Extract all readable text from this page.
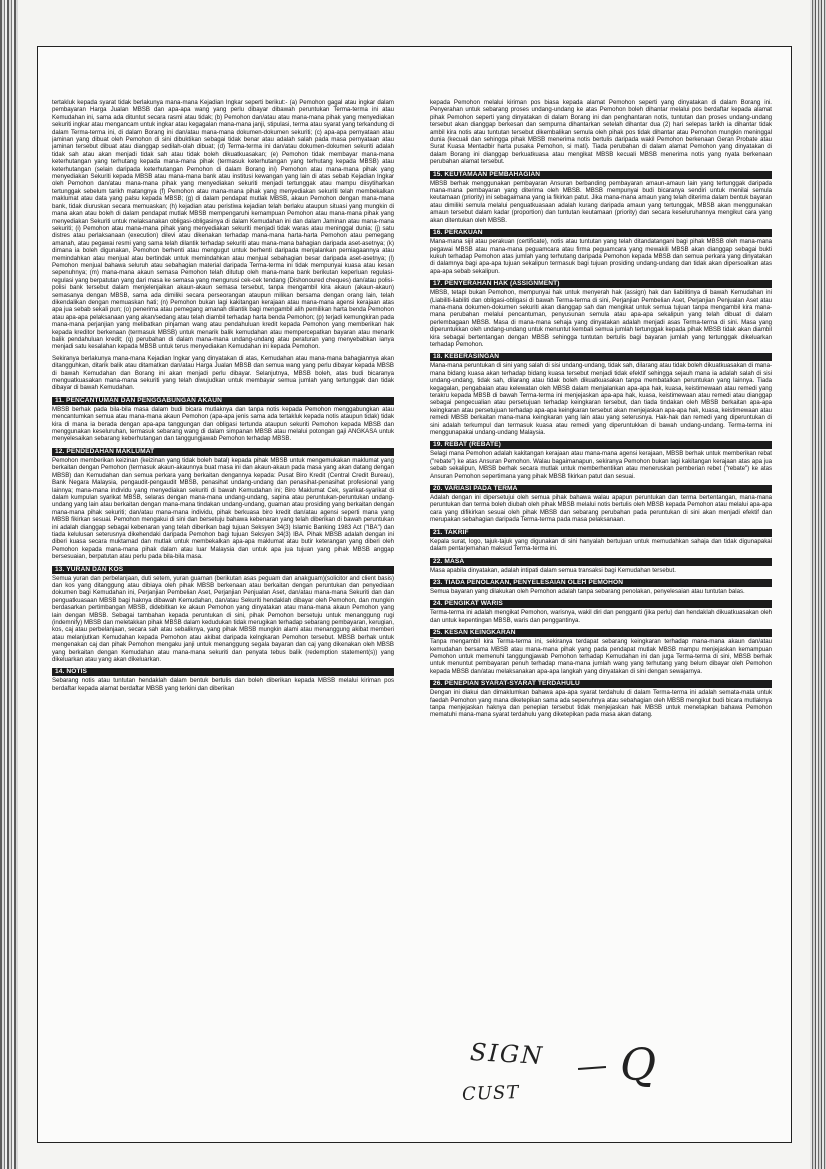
tertakluk kepada syarat tidak berlakunya mana-mana Kejadian Ingkar seperti berikut:- (a) Pemohon gagal atau ingkar dalam pembayaran Harga Jualan MBSB dan apa-apa wang yang perlu dibayar dibawah peruntukan Terma-terma ini atau Kemudahan ini, sama ada dituntut secara rasmi atau tidak; (b) Pemohon dan/atau atau mana-mana pihak yang menyediakan sekuriti ingkar atau mengancam untuk ingkar atau kegagalan mana-mana janji, stipulasi, terma atau syarat yang terkandung di dalam Terma-terma ini, di dalam Borang ini dan/atau mana-mana dokumen-dokumen sekuriti; (c) apa-apa pernyataan atau jaminan yang dibuat oleh Pemohon di sini dibuktikan sebagai tidak benar atau adalah salah pada masa pernyataan atau jaminan tersebut dibuat atau dianggap sedilah-olah dibuat; (d) Terma-terma ini dan/atau dokumen-dokumen sekuriti adalah tidak sah atau akan menjadi tidak sah atau tidak boleh dikuatkuasakan; (e) Pemohon tidak membayar mana-mana keterhutangan yang terhutang kepada mana-mana pihak (termasuk keterhutangan yang terhutang kepada MBSB) atau keterhutangan (selain daripada keterhutangan Pemohon di dalam Borang ini) Pemohon atau mana-mana pihak yang menyediakan Sekuriti kepada MBSB atau mana-mana bank atau institusi kewangan yang lain di atas sebab Kejadian Ingkar oleh Pemohon dan/atau mana-mana pihak yang menyediakan sekuriti menjadi tertunggak atau mampu diisytiharkan tertunggak sebelum tarikh matangnya (f) Pemohon atau mana-mana pihak yang menyediakan sekuriti telah membekalkan maklumat atau data yang palsu kepada MBSB; (g) di dalam pendapat mutlak MBSB, akaun Pemohon dengan mana-mana bank, tidak diuruskan secara memuaskan; (h) kejadian atau peristiwa kejadian telah berlaku ataupun situasi yang mungkin di mana akan atau boleh di dalam pendapat mutlak MBSB mempengaruhi kemampuan Pemohon atau mana-mana pihak yang menyediakan Sekuriti untuk melaksanakan obligasi-obligasinya di dalam Kemudahan ini dan dalam Jaminan atau mana-mana sekuriti; (i) Pemohon atau mana-mana pihak yang menyediakan sekuriti menjadi tidak waras atau meninggal dunia; (j) satu distres atau perlaksanaan (execution) dilevi atau dikenakan terhadap mana-mana harta-harta Pemohon atau pemegang amanah, atau pegawai resmi yang sama telah dilantik terhadap sekuriti atau mana-mana bahagian daripada aset-asetnya; (k) dimana ia boleh digunakan, Pemohon berhenti atau mengugut untuk berhenti daripada menjalankan perniagaannya atau memindahkan atau menjual atau bertindak untuk memindahkan atau menjual sebahagian besar daripada aset-asetnya; (l) Pemohon menjual bahawa seluruh atau sebahagian material daripada Terma-terma ini tidak mempunyai kuasa atau kesan sepenuhnya; (m) mana-mana akaun semasa Pemohon telah ditutup oleh mana-mana bank berikutan keperluan regulasi-regulasi yang berpatutan yang dari masa ke semasa yang mengurusi cek-cek tendang (Dishonoured cheques) dan/atau polisi-polisi bank tersebut dalam menjelenjaikan akaun-akaun semasa tersebut, tanpa mengambil kira akaun (akaun-akaun) semasanya dengan MBSB, sama ada dimiliki secara perseorangan ataupun milikan bersama dengan orang lain, telah dikendalikan dengan memuaskan hati; (n) Pemohon bukan lagi kakitangan kerajaan atau mana-mana agensi kerajaan atas apa jua sebab sekali pun; (o) penerima atau pemegang amanah dilantik bagi mengambil alih pemilikan harta benda Pemohon atau apa-apa pelaksanaan yang akan/sedang atau telah diambil terhadap harta benda Pemohon; (p) terjadi kemungkiran pada mana-mana perjanjian yang melibatkan pinjaman wang atau pendahuluan kredit kepada Pemohon yang memberikan hak kepada kreditor berkenaan (termasuk MBSB) untuk menarik balik kemudahan atau mempercepatkan bayaran atau menarik balik pendahuluan kredit; (q) perubahan di dalam mana-mana undang-undang atau peraturan yang menyebabkan ianya menjadi satu kesalahan kepada MBSB untuk terus menyediakan Kemudahan ini kepada Pemohon.

Sekiranya berlakunya mana-mana Kejadian Ingkar yang dinyatakan di atas, Kemudahan atau mana-mana bahagiannya akan ditangguhkan, ditarik balik atau ditamatkan dan/atau Harga Jualan MBSB dan semua wang yang perlu dibayar kepada MBSB di bawah Kemudahan dan Borang ini akan menjadi perlu dibayar. Selanjutnya, MBSB boleh, atas budi bicaranya menguatkuasakan mana-mana sekuriti yang telah diwujudkan untuk membayar semua jumlah yang tertunggak dan tidak dibayar di bawah Kemudahan.

11. PENCANTUMAN DAN PENGGABUNGAN AKAUN

MBSB berhak pada bila-bila masa dalam budi bicara mutlaknya dan tanpa notis kepada Pemohon menggabungkan atau mencantumkan semua atau mana-mana akaun Pemohon (apa-apa jenis sama ada tertakluk kepada notis ataupun tidak) tidak kira di mana ia berada dengan apa-apa tanggungan dan obligasi tertunda ataupun sekuriti Pemohon kepada MBSB dan menggunakan keseluruhan, termasuk sebarang wang di dalam simpanan MBSB atau melalui potongan gaji ANGKASA untuk menyelesaikan sebarang keberhutangan dan tanggungjawab Pemohon terhadap MBSB.

12. PENDEDAHAN MAKLUMAT

Pemohon memberikan keizinan (keizinan yang tidak boleh batal) kepada pihak MBSB untuk mengemukakan maklumat yang berkaitan dengan Pemohon (termasuk akaun-akaunnya buat masa ini dan akaun-akaun pada masa yang akan datang dengan MBSB) dan Kemudahan dan semua perkara yang berkaitan dengannya kepada: Pusat Biro Kredit (Central Credit Bureau), Bank Negara Malaysia, pengaudit-pengaudit MBSB, penasihat undang-undang dan penasihat-penasihat profesional yang lainnya; mana-mana individu yang menyediakan sekuriti di bawah Kemudahan ini; Biro Maklumat Cek, syarikat-syarikat di dalam kumpulan syarikat MBSB, selaras dengan mana-mana undang-undang, sapina atau peruntukan-peruntukan undang-undang yang lain atau berkaitan dengan mana-mana tindakan undang-undang, guaman atau prosiding yang berkaitan dengan mana-mana pihak sekuriti; dan/atau mana-mana individu, pihak berkuasa biro kredit dan/atau agensi seperti mana yang MBSB fikirkan sesuai. Pemohon mengakui di sini dan bersetuju bahawa kebenaran yang telah diberikan di bawah peruntukan ini adalah dianggap sebagai kebenaran yang telah diberikan bagi tujuan Seksyen 34(3) Islamic Banking 1983 Act ("IBA") dan tiada kelulusan seterusnya dikehendaki daripada Pemohon bagi tujuan Seksyen 34(3) IBA. Pihak MBSB adalah dengan ini diberi kuasa secara muktamad dan mutlak untuk membekalkan apa-apa maklumat atau butir keterangan yang diberi oleh Pemohon kepada mana-mana pihak dalam atau luar Malaysia dan untuk apa jua tujuan yang pihak MBSB anggap bersesuaian, berpatutan atau perlu pada bila-bila masa.

13. YURAN DAN KOS

Semua yuran dan perbelanjaan, duti setem, yuran guaman (berikutan asas peguam dan anakguam)(solicitor and client basis) dan kos yang ditanggung atau dibiaya oleh pihak MBSB berkenaan atau berkaitan dengan peruntukan dan penyediaan dokumen bagi Kemudahan ini, Perjanjian Pembelian Aset, Perjanjian Penjualan Aset, dan/atau mana-mana Sekuriti dan dan penguatkuasaan MBSB bagi haknya dibawah Kemudahan, dan/atau Sekuriti hendaklah dibayar oleh Pemohon, dan mungkin berdasarkan pertimbangan MBSB, didebitkan ke akaun Pemohon yang dinyatakan atau mana-mana akaun Pemohon yang lain dengan MBSB. Sebagai tambahan kepada peruntukan di sini, pihak Pemohon bersetuju untuk menanggung rugi (indemnify) MBSB dan meletakkan pihak MBSB dalam kedudukan tidak merugikan terhadap sebarang pembayaran, kerugian, kos, caj atau perbelanjaan, secara sah atau sebaliknya, yang pihak MBSB mungkin alami atau menanggung akibat memberi atau melanjutkan Kemudahan kepada Pemohon atau akibat daripada kelngkaran Pemohon tersebut. MBSB berhak untuk mengenakan caj dan pihak Pemohon mengaku janji untuk menanggung segala bayaran dan caj yang dikenakan oleh MBSB yang berkaitan dengan Kemudahan atau mana-mana sekuriti dan penyata tebus balik (redemption statement(s)) yang dikeluarkan atau yang akan dikeluarkan.

14. NOTIS

Sebarang notis atau tuntutan hendaklah dalam bentuk bertulis dan boleh diberikan kepada MBSB melalui kiriman pos berdaftar kepada alamat berdaftar MBSB yang terkini dan diberikan

kepada Pemohon melalui kiriman pos biasa kepada alamat Pemohon seperti yang dinyatakan di dalam Borang ini. Penyerahan untuk sebarang proses undang-undang ke atas Pemohon boleh dihantar melalui pos berdaftar kepada alamat pihak Pemohon seperti yang dinyatakan di dalam Borang ini dan penghantaran notis, tuntutan dan proses undang-undang tersebut akan dianggap berkesan dan sempurna dihantarkan setelah dihantar dua (2) hari selepas tarikh ia dihantar tidak ambil kira notis atau tuntutan tersebut dikembalikan semula oleh pihak pos tidak dihantar atau Pemohon mungkin meninggal dunia (kecuali dan sehingga pihak MBSB menerima notis bertulis daripada wakil Pemohon berkenaan Geran Probate atau Surat Kuasa Mentadbir harta pusaka Pemohon, si mati). Tiada perubahan di dalam alamat Pemohon yang dinyatakan di dalam Borang ini dianggap berkuatkuasa atau mengikat MBSB kecuali MBSB menerima notis yang nyata berkenaan perubahan alamat tersebut.

15. KEUTAMAAN PEMBAHAGIAN

MBSB berhak menggunakan pembayaran Ansuran berbanding pembayaran amaun-amaun lain yang tertunggak daripada mana-mana pembayaran yang diterima oleh MBSB. MBSB mempunyai budi bicaranya sendiri untuk menilai semula keutamaan (priority) ini sebagaimana yang ia fikirkan patut. Jika mana-mana amaun yang telah diterima dalam bentuk bayaran atau dimiliki semula melalui penguatkuasaan adalah kurang daripada amaun yang tertunggak, MBSB akan menggunakan amaun tersebut dalam kadar (proportion) dan tuntutan keutamaan (priority) dan secara keseluruhannya mengikut cara yang akan ditentukan oleh MBSB.

16. PERAKUAN

Mana-mana sijil atau perakuan (certificate), notis atau tuntutan yang telah ditandatangani bagi pihak MBSB oleh mana-mana pegawai MBSB atau mana-mana peguamcara atau firma peguamcara yang mewakili MBSB akan dianggap sebagai bukti kukuh terhadap Pemohon atas jumlah yang terhutang daripada Pemohon kepada MBSB dan semua perkara yang dinyatakan di dalamnya bagi apa-apa tujuan sekalipun termasuk bagi tujuan prosiding undang-undang dan tidak akan dipersoalkan atas apa-apa sebab sekalipun.

17. PENYERAHAN HAK (ASSIGNMENT)

MBSB, tetapi bukan Pemohon, mempunyai hak untuk menyerah hak (assign) hak dan liabilitinya di bawah Kemudahan ini (Liabiliti-liabiliti dan obligasi-obligasi di bawah Terma-terma di sini, Perjanjian Pembelian Aset, Perjanjian Penjualan Aset atau mana-mana dokumen-dokumen sekuriti akan dianggap sah dan mengikat untuk semua tujuan tanpa mengambil kira mana-mana perubahan melalui pencantuman, penyusunan semula atau apa-apa sekalipun yang telah dibuat di dalam perlembagaan MBSB. Masa di mana-mana sehaja yang dinyatakan adalah menjadi asas Terma-terma di sini. Masa yang diperuntukkan oleh undang-undang untuk menuntut kembali semua jumlah tertunggak kepada pihak MBSB tidak akan diambil kira sebagai bertentangan dengan MBSB sehingga tuntutan bertulis bagi bayaran jumlah yang tertunggak dikeluarkan terhadap Pemohon.

18. KEBERASINGAN

Mana-mana peruntukan di sini yang salah di sisi undang-undang, tidak sah, dilarang atau tidak boleh dikuatkuasakan di mana-mana bidang kuasa akan terhadap bidang kuasa tersebut menjadi tidak efektif sehingga sejauh mana ia adalah salah di sisi undang-undang, tidak sah, dilarang atau tidak boleh dikuatkuasakan tanpa membatalkan peruntukan yang lainnya. Tiada kegagalan, pengabaian atau kelewatan oleh MBSB dalam menjalankan apa-apa hak, kuasa, keistimewaan atau remedi yang terakru kepada MBSB di bawah Terma-terma ini menjejaskan apa-apa hak, kuasa, keistimewaan atau remedi atau dianggap sebagai pengecualian atau persetujuan terhadap keingkaran tersebut, dan tiada tindakan oleh MBSB berkaitan apa-apa keingkaran atau persetujuan terhadap apa-apa keingkaran tersebut akan menjejaskan apa-apa hak, kuasa, keistimewaan atau remedi MBSB berkaitan mana-mana keingkaran yang lain atau yang seterusnya. Hak-hak dan remedi yang diperuntukan di sini adalah terkumpul dan termasuk kuasa atau remedi yang diperuntukkan di bawah undang-undang. Terma-terma ini menggunapakai undang-undang Malaysia.

19. REBAT (REBATE)

Selagi mana Pemohon adalah kakitangan kerajaan atau mana-mana agensi kerajaan, MBSB berhak untuk memberikan rebat ("rebate") ke atas Ansuran Pemohon. Walau bagaimanapun, sekiranya Pemohon bukan lagi kakitangan kerajaan atas apa jua sebab sekalipun, MBSB berhak secara mutlak untuk memberhentikan atau meneruskan pemberian rebet ("rebate") ke atas Ansuran Pemohon sepertimana yang pihak MBSB fikirkan patut dan sesuai.

20. VARIASI PADA TERMA

Adalah dengan ini dipersetujui oleh semua pihak bahawa walau apapun peruntukan dan terma bertentangan, mana-mana peruntukan dan terma boleh diubah oleh pihak MBSB melalui notis bertulis oleh MBSB kepada Pemohon atau melalui apa-apa cara yang difikirkan sesuai oleh pihak MBSB dan sebarang perubahan pada peruntukan di sini akan menjadi efektif dan merupakan sebahagian daripada Terma-terma pada masa pelaksanaan.

21. TAKRIF

Kepala surat, logo, tajuk-tajuk yang digunakan di sini hanyalah bertujuan untuk memudahkan sahaja dan tidak digunapakai dalam pentarjemahan maksud Terma-terma ini.

22. MASA

Masa apabila dinyatakan, adalah intipati dalam semua transaksi bagi Kemudahan tersebut.

23. TIADA PENOLAKAN, PENYELESAIAN OLEH PEMOHON

Semua bayaran yang dilakukan oleh Pemohon adalah tanpa sebarang penolakan, penyelesaian atau tuntutan balas.

24. PENGIKAT WARIS

Terma-terma ini adalah mengikat Pemohon, warisnya, wakil diri dan pengganti (jika perlu) dan hendaklah dikuatkuasakan oleh dan untuk kepentingan MBSB, waris dan penggantinya.

25. KESAN KEINGKARAN

Tanpa mengambil kira Terma-terma ini, sekiranya terdapat sebarang keingkaran terhadap mana-mana akaun dan/atau kemudahan bersama MBSB atau mana-mana pihak yang pada pendapat mutlak MBSB mampu menjejaskan kemampuan Pemohon untuk memenuhi tanggungjawab Pemohon terhadap Kemudahan ini dan juga Terma-terma di sini, MBSB berhak untuk menuntut pembayaran penuh terhadap mana-mana jumlah wang yang terhutang yang belum dibayar oleh Pemohon kepada MBSB dan/atau melaksanakan apa-apa langkah yang dinyatakan di sini dengan sewajarnya.

26. PENEPIAN SYARAT-SYARAT TERDAHULU

Dengan ini diakui dan dimaklumkan bahawa apa-apa syarat terdahulu di dalam Terma-terma ini adalah semata-mata untuk faedah Pemohon yang mana diketepikan sama ada sepenuhnya atau sebahagian oleh MBSB mengikut budi bicara mutlaknya tanpa menjejaskan haknya dan penepian tersebut tidak menjejaskan hak MBSB untuk menetapkan bahawa Pemohon mematuhi mana-mana syarat terdahulu yang diketepikan pada masa akan datang.

SIGN
CUST
Q
